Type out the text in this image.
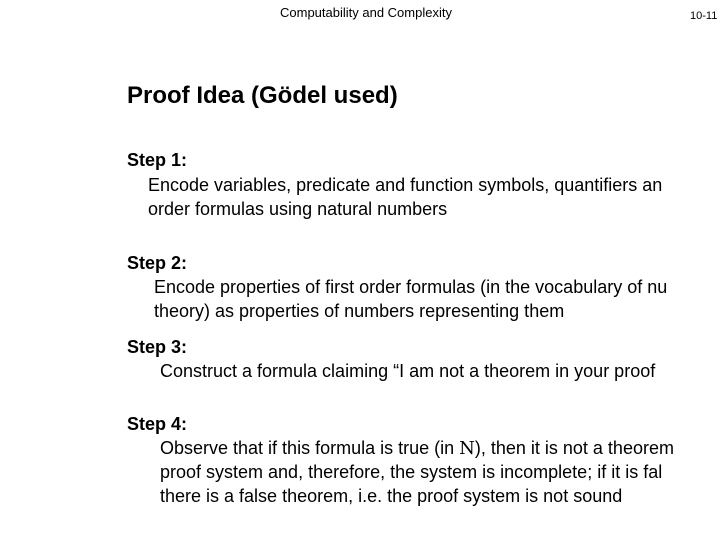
Computability and Complexity	10-11
Proof Idea (Gödel used)
Step 1:
Encode variables, predicate and function symbols, quantifiers an
order formulas using natural numbers
Step 2:
Encode properties of first order formulas (in the vocabulary of nu
theory) as properties of numbers representing them
Step 3:
Construct a formula claiming “I am not a theorem in your proof
Step 4:
Observe that if this formula is true (in N), then it is not a theorem
proof system and, therefore, the system is incomplete; if it is fal
there is a false theorem, i.e. the proof system is not sound
